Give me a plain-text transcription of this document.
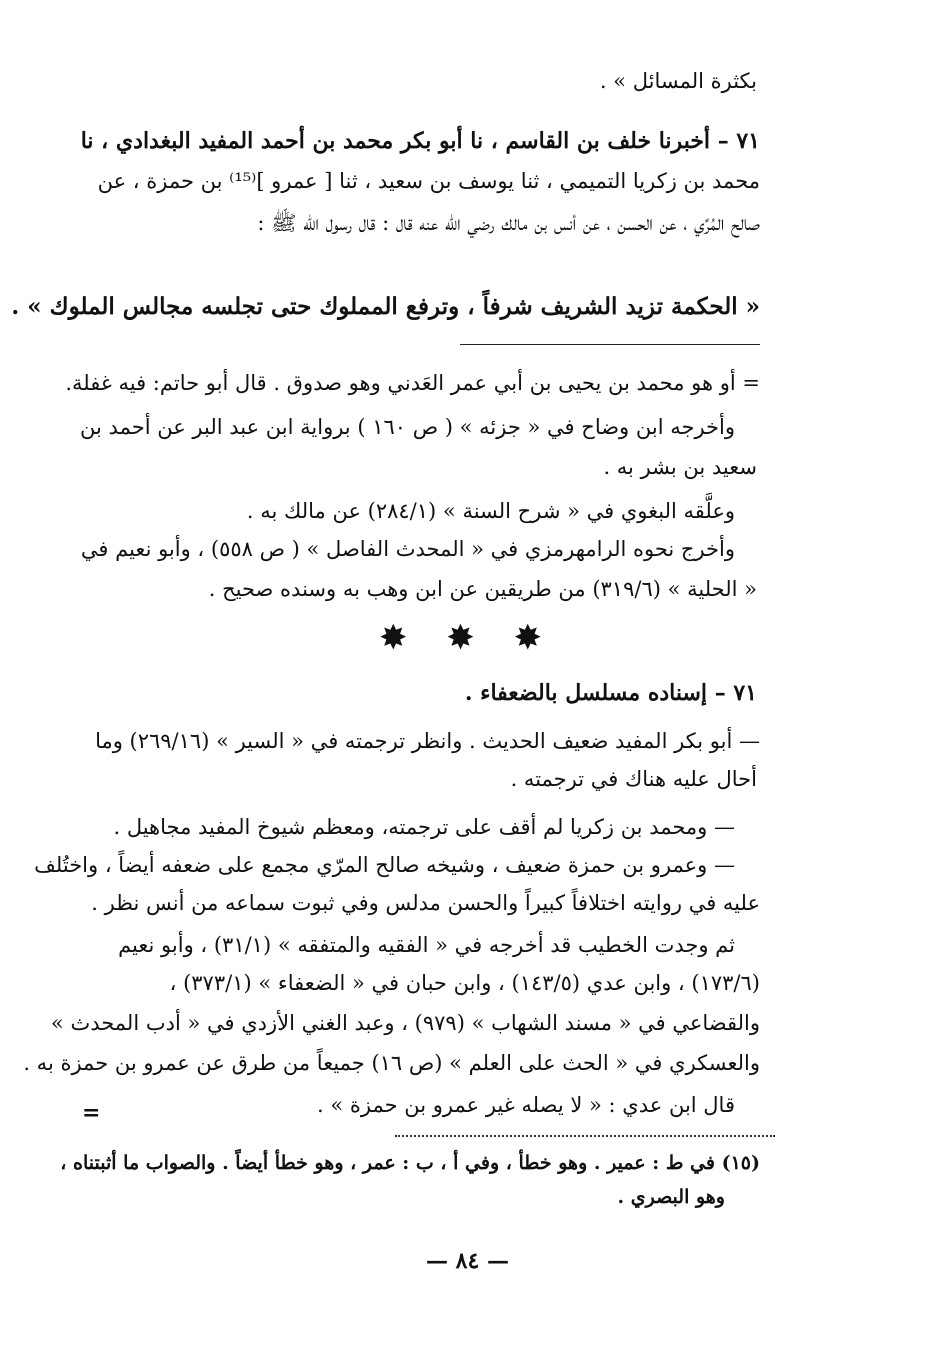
بكثرة المسائل » .
٧١ – أخبرنا خلف بن القاسم ، نا أبو بكر محمد بن أحمد المفيد البغدادي ، نا
محمد بن زكريا التميمي ، ثنا يوسف بن سعيد ، ثنا [ عمرو ]⁽¹⁵⁾ بن حمزة ، عن
صالح المُرِّي ، عن الحسن ، عن أنس بن مالك رضي الله عنه قال : قال رسول الله ﷺ :
« الحكمة تزيد الشريف شرفاً ، وترفع المملوك حتى تجلسه مجالس الملوك » .
= أو هو محمد بن يحيى بن أبي عمر العَدني وهو صدوق . قال أبو حاتم: فيه غفلة.
وأخرجه ابن وضاح في « جزئه » ( ص ١٦٠ ) برواية ابن عبد البر عن أحمد بن
سعيد بن بشر به .
وعلَّقه البغوي في « شرح السنة » (٢٨٤/١) عن مالك به .
وأخرج نحوه الرامهرمزي في « المحدث الفاصل » ( ص ٥٥٨) ، وأبو نعيم في
« الحلية » (٣١٩/٦) من طريقين عن ابن وهب به وسنده صحيح .
✸ ✸ ✸
٧١ – إسناده مسلسل بالضعفاء .
— أبو بكر المفيد ضعيف الحديث . وانظر ترجمته في « السير » (٢٦٩/١٦) وما
أحال عليه هناك في ترجمته .
— ومحمد بن زكريا لم أقف على ترجمته، ومعظم شيوخ المفيد مجاهيل .
— وعمرو بن حمزة ضعيف ، وشيخه صالح المرّي مجمع على ضعفه أيضاً ، واختُلف
عليه في روايته اختلافاً كبيراً والحسن مدلس وفي ثبوت سماعه من أنس نظر .
ثم وجدت الخطيب قد أخرجه في « الفقيه والمتفقه » (٣١/١) ، وأبو نعيم
(١٧٣/٦) ، وابن عدي (١٤٣/٥) ، وابن حبان في « الضعفاء » (٣٧٣/١) ،
والقضاعي في « مسند الشهاب » (٩٧٩) ، وعبد الغني الأزدي في « أدب المحدث »
والعسكري في « الحث على العلم » (ص ١٦) جميعاً من طرق عن عمرو بن حمزة به .
قال ابن عدي : « لا يصله غير عمرو بن حمزة » .
=
(١٥) في ط : عمير . وهو خطأ ، وفي أ ، ب : عمر ، وهو خطأ أيضاً . والصواب ما أثبتناه ،
وهو البصري .
— ٨٤ —
